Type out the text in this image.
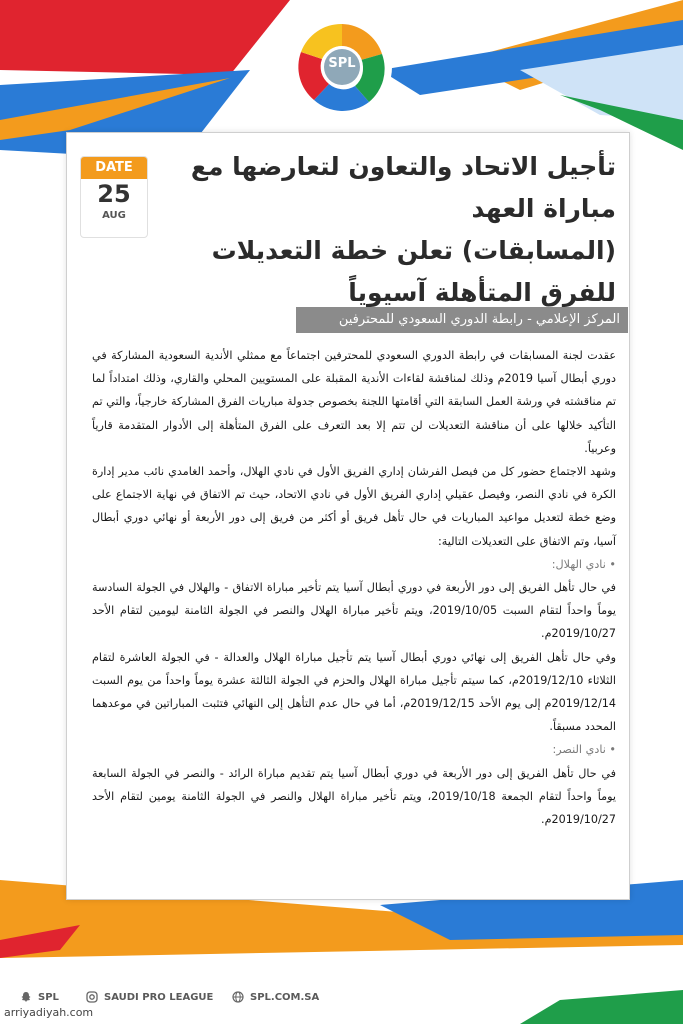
SPL
DATE
25
AUG
تأجيل الاتحاد والتعاون لتعارضها مع مباراة العهد
(المسابقات) تعلن خطة التعديلات
للفرق المتأهلة آسيوياً
المركز الإعلامي - رابطة الدوري السعودي للمحترفين

عقدت لجنة المسابقات في رابطة الدوري السعودي للمحترفين اجتماعاً مع ممثلي الأندية السعودية المشاركة في دوري أبطال آسيا 2019م وذلك لمناقشة لقاءات الأندية المقبلة على المستويين المحلي والقاري، وذلك امتداداً لما تم مناقشته في ورشة العمل السابقة التي أقامتها اللجنة بخصوص جدولة مباريات الفرق المشاركة خارجياً، والتي تم التأكيد خلالها على أن مناقشة التعديلات لن تتم إلا بعد التعرف على الفرق المتأهلة إلى الأدوار المتقدمة قارياً وعربياً.

وشهد الاجتماع حضور كل من فيصل الفرشان إداري الفريق الأول في نادي الهلال، وأحمد الغامدي نائب مدير إدارة الكرة في نادي النصر، وفيصل عقيلي إداري الفريق الأول في نادي الاتحاد، حيث تم الاتفاق في نهاية الاجتماع على وضع خطة لتعديل مواعيد المباريات في حال تأهل فريق أو أكثر من فريق إلى دور الأربعة أو نهائي دوري أبطال آسيا، وتم الاتفاق على التعديلات التالية:

• نادي الهلال:

في حال تأهل الفريق إلى دور الأربعة في دوري أبطال آسيا يتم تأخير مباراة الاتفاق - والهلال في الجولة السادسة يوماً واحداً لتقام السبت 2019/10/05، ويتم تأخير مباراة الهلال والنصر في الجولة الثامنة ليومين لتقام الأحد 2019/10/27م.

وفي حال تأهل الفريق إلى نهائي دوري أبطال آسيا يتم تأجيل مباراة الهلال والعدالة - في الجولة العاشرة لتقام الثلاثاء 2019/12/10م، كما سيتم تأجيل مباراة الهلال والحزم في الجولة الثالثة عشرة يوماً واحداً من يوم السبت 2019/12/14م إلى يوم الأحد 2019/12/15م، أما في حال عدم التأهل إلى النهائي فتثبت المباراتين في موعدهما المحدد مسبقاً.

• نادي النصر:

في حال تأهل الفريق إلى دور الأربعة في دوري أبطال آسيا يتم تقديم مباراة الرائد - والنصر في الجولة السابعة يوماً واحداً لتقام الجمعة 2019/10/18، ويتم تأخير مباراة الهلال والنصر في الجولة الثامنة يومين لتقام الأحد 2019/10/27م.

SPL	SAUDI PRO LEAGUE	SPL.COM.SA
arriyadiyah.com
